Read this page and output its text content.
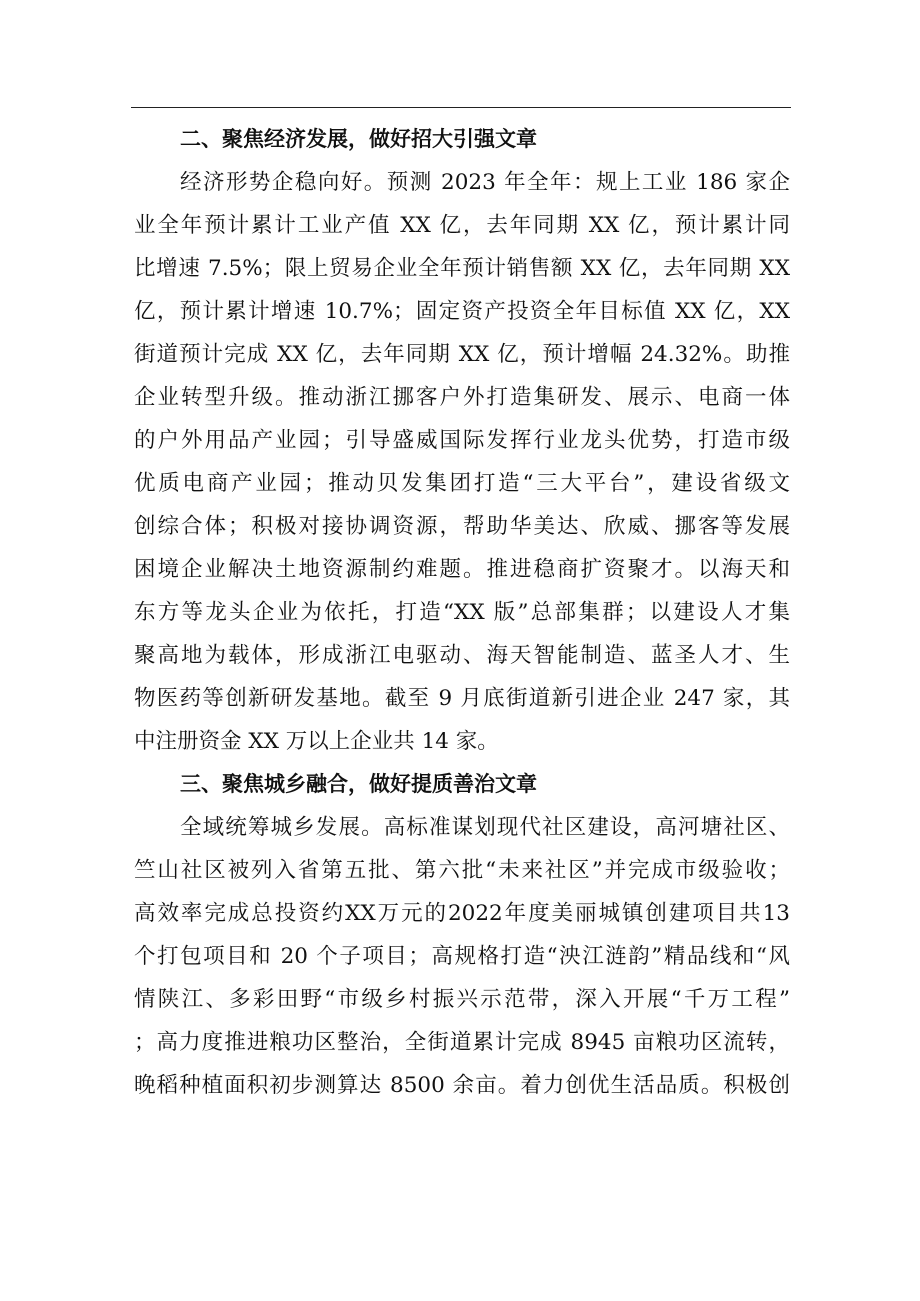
二、聚焦经济发展，做好招大引强文章
经济形势企稳向好。预测 2023 年全年：规上工业 186 家企
业全年预计累计工业产值 XX 亿，去年同期 XX 亿，预计累计同
比增速 7.5%；限上贸易企业全年预计销售额 XX 亿，去年同期 XX
亿，预计累计增速 10.7%；固定资产投资全年目标值 XX 亿，XX
街道预计完成 XX 亿，去年同期 XX 亿，预计增幅 24.32%。助推
企业转型升级。推动浙江挪客户外打造集研发、展示、电商一体
的户外用品产业园；引导盛威国际发挥行业龙头优势，打造市级
优质电商产业园；推动贝发集团打造“三大平台”，建设省级文
创综合体；积极对接协调资源，帮助华美达、欣威、挪客等发展
困境企业解决土地资源制约难题。推进稳商扩资聚才。以海天和
东方等龙头企业为依托，打造“XX 版”总部集群；以建设人才集
聚高地为载体，形成浙江电驱动、海天智能制造、蓝圣人才、生
物医药等创新研发基地。截至 9 月底街道新引进企业 247 家，其
中注册资金 XX 万以上企业共 14 家。
三、聚焦城乡融合，做好提质善治文章
全域统筹城乡发展。高标准谋划现代社区建设，高河塘社区、
竺山社区被列入省第五批、第六批“未来社区”并完成市级验收；
高效率完成总投资约XX万元的2022年度美丽城镇创建项目共13
个打包项目和 20 个子项目；高规格打造“泱江涟韵”精品线和“风
情陕江、多彩田野“市级乡村振兴示范带，深入开展“千万工程”
；高力度推进粮功区整治，全街道累计完成 8945 亩粮功区流转，
晚稻种植面积初步测算达 8500 余亩。着力创优生活品质。积极创
